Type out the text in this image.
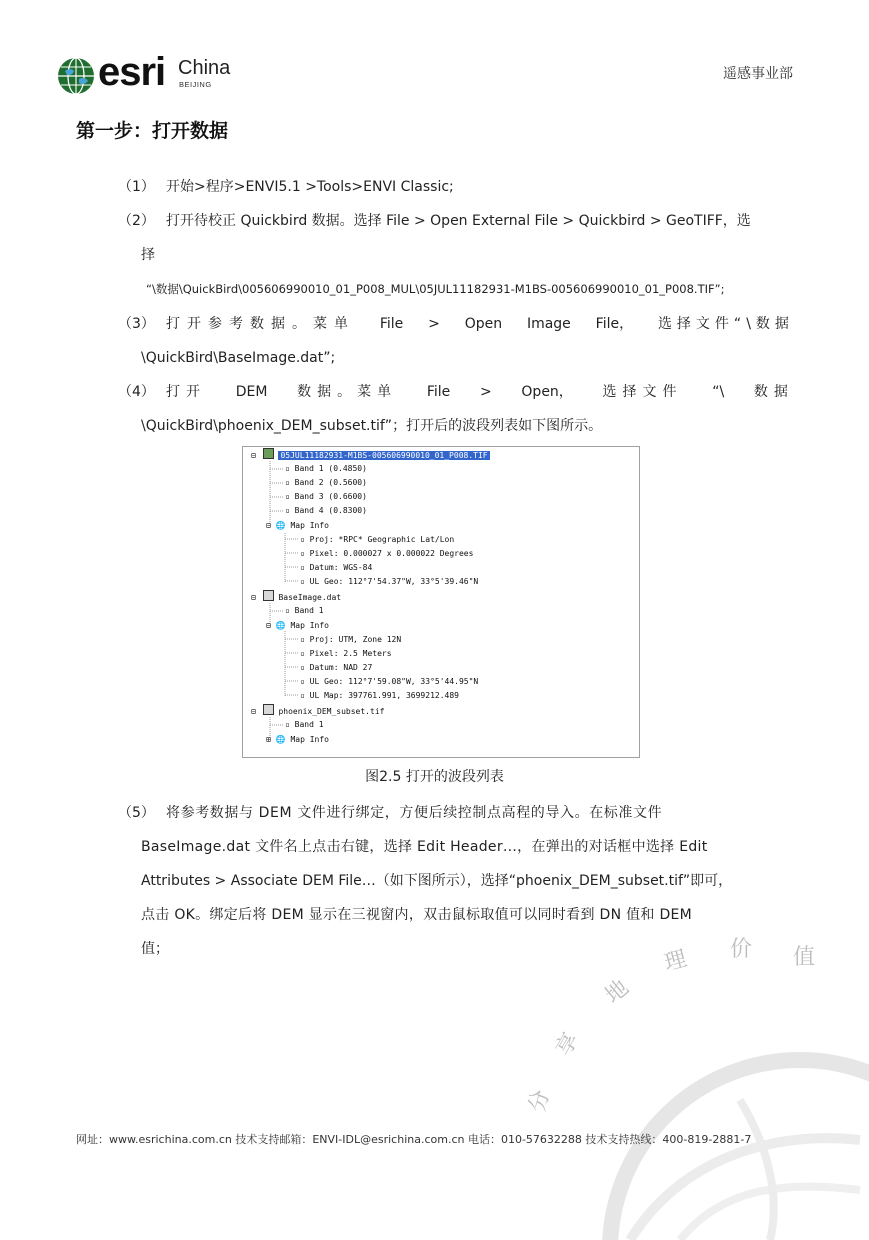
价 值
理
地
享
分
esri China
BEIJING
遥感事业部
第一步：打开数据
（1） 开始>程序>ENVI5.1 >Tools>ENVI Classic;
（2） 打开待校正 Quickbird 数据。选择 File > Open External File > Quickbird > GeoTIFF，选
择
“\数据\QuickBird\005606990010_01_P008_MUL\05JUL11182931-M1BS-005606990010_01_P008.TIF”;
（3） 打开参考数据。菜单 File > Open Image File， 选择文件“\数据
\QuickBird\BaseImage.dat”;
（4） 打开 DEM 数据。菜单 File > Open， 选择文件 “\ 数据
\QuickBird\phoenix_DEM_subset.tif”；打开后的波段列表如下图所示。
⊟	05JUL11182931-M1BS-005606990010_01_P008.TIF
▫ Band 1 (0.4850)
▫ Band 2 (0.5600)
▫ Band 3 (0.6600)
▫ Band 4 (0.8300)
⊟ 🌐 Map Info
▫ Proj: *RPC* Geographic Lat/Lon
▫ Pixel: 0.000027 x 0.000022 Degrees
▫ Datum: WGS-84
▫ UL Geo: 112°7'54.37"W, 33°5'39.46"N
⊟	BaseImage.dat
▫ Band 1
⊟ 🌐 Map Info
▫ Proj: UTM, Zone 12N
▫ Pixel: 2.5 Meters
▫ Datum: NAD 27
▫ UL Geo: 112°7'59.08"W, 33°5'44.95"N
▫ UL Map: 397761.991, 3699212.489
⊟	phoenix_DEM_subset.tif
▫ Band 1
⊞ 🌐 Map Info
图2.5 打开的波段列表
（5） 将参考数据与 DEM 文件进行绑定，方便后续控制点高程的导入。在标准文件
BaseImage.dat 文件名上点击右键，选择 Edit Header…，在弹出的对话框中选择 Edit
Attributes > Associate DEM File…（如下图所示），选择“phoenix_DEM_subset.tif”即可，
点击 OK。绑定后将 DEM 显示在三视窗内，双击鼠标取值可以同时看到 DN 值和 DEM
值；
网址：www.esrichina.com.cn 技术支持邮箱：ENVI-IDL@esrichina.com.cn 电话：010-57632288 技术支持热线：400-819-2881-7
